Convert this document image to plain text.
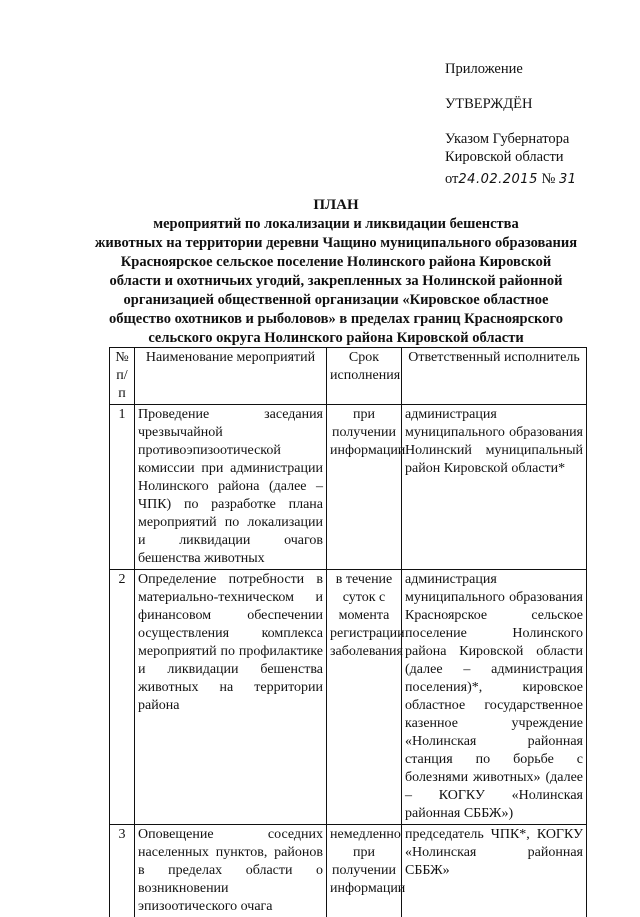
Приложение
УТВЕРЖДЁН
Указом Губернатора
Кировской области
от24.02.2015 № 31
ПЛАН
мероприятий по локализации и ликвидации бешенства
животных на территории деревни Чащино муниципального образования
Красноярское сельское поселение Нолинского района Кировской
области и охотничьих угодий, закрепленных за Нолинской районной
организацией общественной организации «Кировское областное
общество охотников и рыболовов» в пределах границ Красноярского
сельского округа Нолинского района Кировской области
№ п/п	Наименование мероприятий	Срок исполнения	Ответственный исполнитель
1	Проведение заседания чрезвычайной противоэпизоотической комиссии при администрации Нолинского района (далее – ЧПК) по разработке плана мероприятий по локализации и ликвидации очагов бешенства животных	при получении информации	администрация муниципального образования Нолинский муниципальный район Кировской области*
2	Определение потребности в материально-техническом и финансовом обеспечении осуществления комплекса мероприятий по профилактике и ликвидации бешенства животных на территории района	в течение суток с момента регистрации заболевания	администрация муниципального образования Красноярское сельское поселение Нолинского района Кировской области (далее – администрация поселения)*, кировское областное государственное казенное учреждение «Нолинская районная станция по борьбе с болезнями животных» (далее – КОГКУ «Нолинская районная СББЖ»)
3	Оповещение соседних населенных пунктов, районов в пределах области о возникновении эпизоотического очага	немедленно при получении информации	председатель ЧПК*, КОГКУ «Нолинская районная СББЖ»
